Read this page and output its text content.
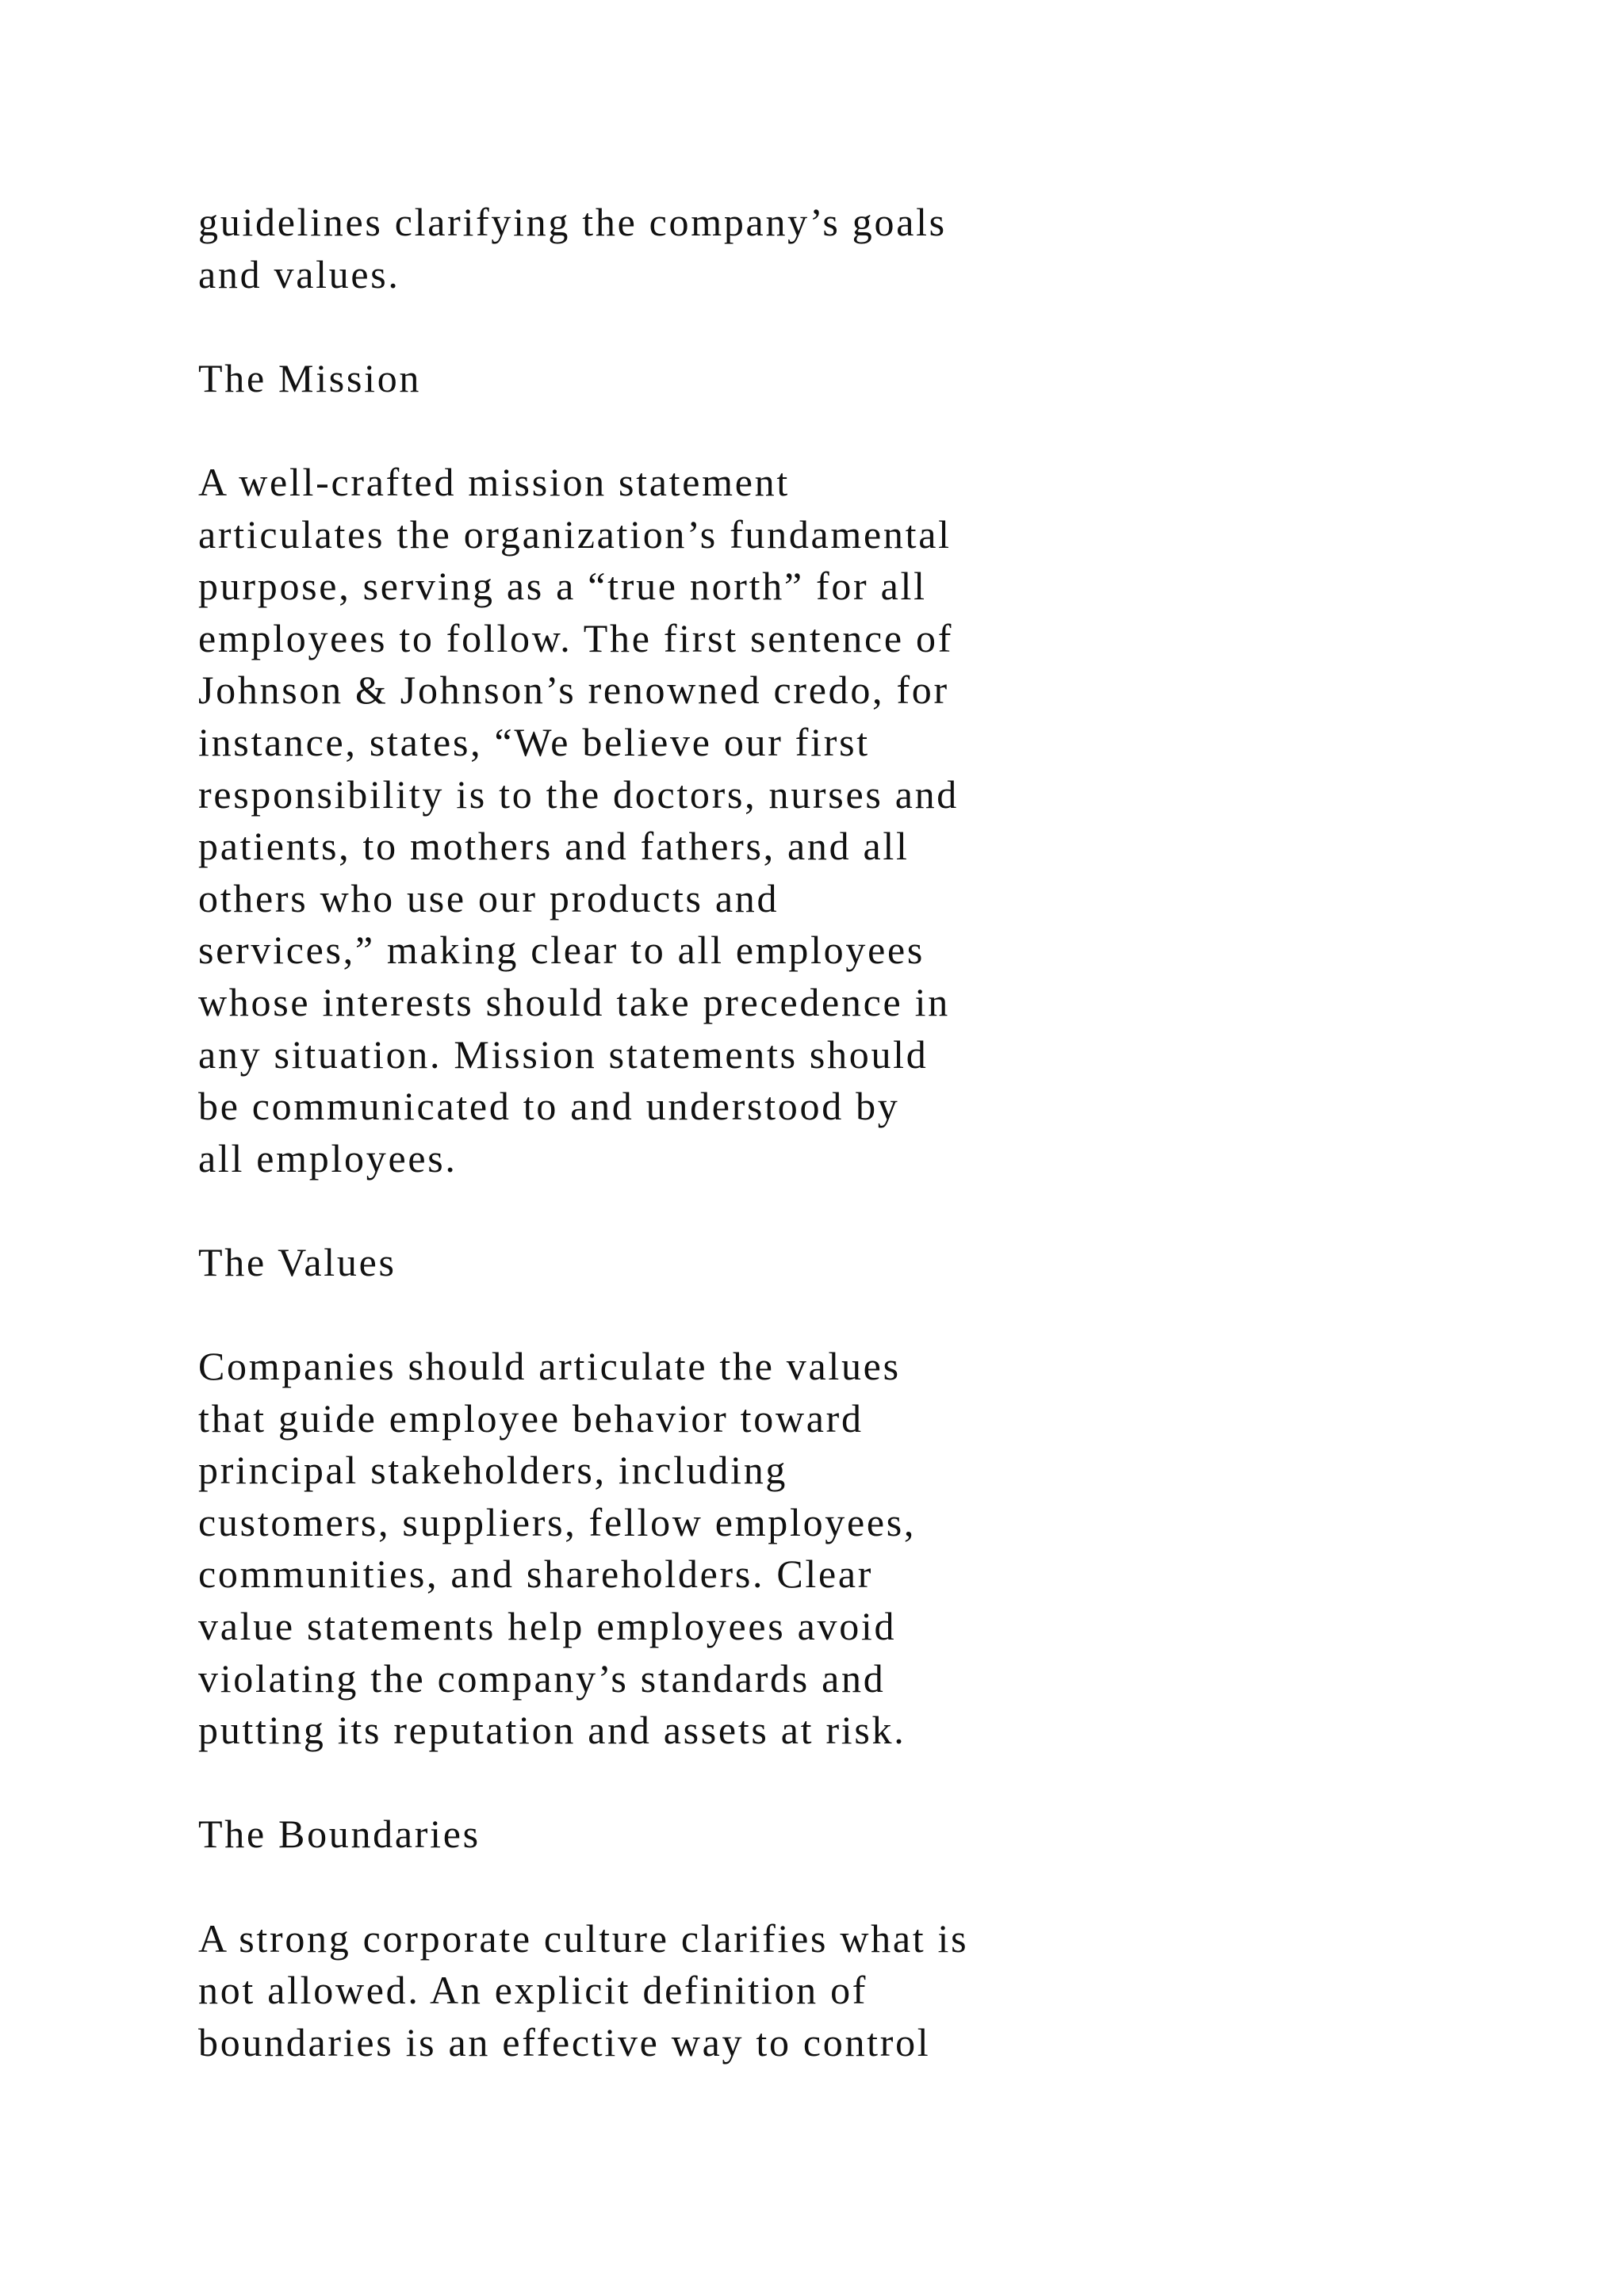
guidelines clarifying the company’s goals
and values.
The Mission
A well-crafted mission statement
articulates the organization’s fundamental
purpose, serving as a “true north” for all
employees to follow. The first sentence of
Johnson & Johnson’s renowned credo, for
instance, states, “We believe our first
responsibility is to the doctors, nurses and
patients, to mothers and fathers, and all
others who use our products and
services,” making clear to all employees
whose interests should take precedence in
any situation. Mission statements should
be communicated to and understood by
all employees.
The Values
Companies should articulate the values
that guide employee behavior toward
principal stakeholders, including
customers, suppliers, fellow employees,
communities, and shareholders. Clear
value statements help employees avoid
violating the company’s standards and
putting its reputation and assets at risk.
The Boundaries
A strong corporate culture clarifies what is
not allowed. An explicit definition of
boundaries is an effective way to control
